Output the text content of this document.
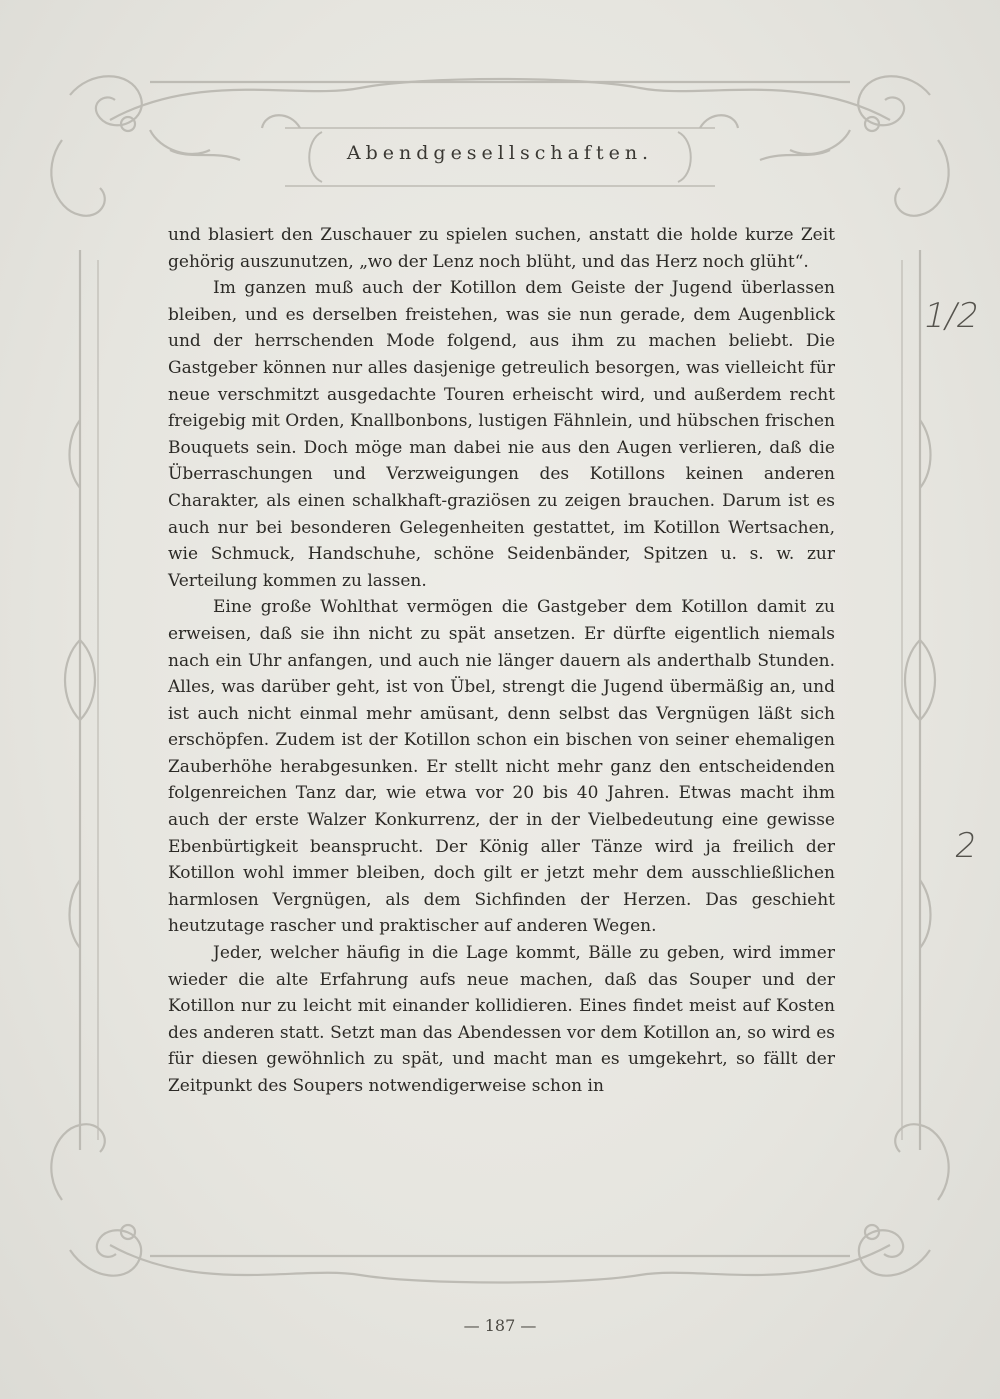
Abendgesellschaften.

und blasiert den Zuschauer zu spielen suchen, anstatt die holde kurze Zeit gehörig auszunutzen, „wo der Lenz noch blüht, und das Herz noch glüht“.

Im ganzen muß auch der Kotillon dem Geiste der Jugend überlassen bleiben, und es derselben freistehen, was sie nun gerade, dem Augenblick und der herrschenden Mode folgend, aus ihm zu machen beliebt. Die Gastgeber können nur alles dasjenige getreulich besorgen, was vielleicht für neue verschmitzt ausgedachte Touren erheischt wird, und außerdem recht freigebig mit Orden, Knallbonbons, lustigen Fähnlein, und hübschen frischen Bouquets sein. Doch möge man dabei nie aus den Augen verlieren, daß die Überraschungen und Verzweigungen des Kotillons keinen anderen Charakter, als einen schalkhaft-graziösen zu zeigen brauchen. Darum ist es auch nur bei besonderen Gelegenheiten gestattet, im Kotillon Wertsachen, wie Schmuck, Handschuhe, schöne Seidenbänder, Spitzen u. s. w. zur Verteilung kommen zu lassen.

Eine große Wohlthat vermögen die Gastgeber dem Kotillon damit zu erweisen, daß sie ihn nicht zu spät ansetzen. Er dürfte eigentlich niemals nach ein Uhr anfangen, und auch nie länger dauern als anderthalb Stunden. Alles, was darüber geht, ist von Übel, strengt die Jugend übermäßig an, und ist auch nicht einmal mehr amüsant, denn selbst das Vergnügen läßt sich erschöpfen. Zudem ist der Kotillon schon ein bischen von seiner ehemaligen Zauberhöhe herabgesunken. Er stellt nicht mehr ganz den entscheidenden folgenreichen Tanz dar, wie etwa vor 20 bis 40 Jahren. Etwas macht ihm auch der erste Walzer Konkurrenz, der in der Vielbedeutung eine gewisse Ebenbürtigkeit beansprucht. Der König aller Tänze wird ja freilich der Kotillon wohl immer bleiben, doch gilt er jetzt mehr dem ausschließlichen harmlosen Vergnügen, als dem Sichfinden der Herzen. Das geschieht heutzutage rascher und praktischer auf anderen Wegen.

Jeder, welcher häufig in die Lage kommt, Bälle zu geben, wird immer wieder die alte Erfahrung aufs neue machen, daß das Souper und der Kotillon nur zu leicht mit einander kollidieren. Eines findet meist auf Kosten des anderen statt. Setzt man das Abendessen vor dem Kotillon an, so wird es für diesen gewöhnlich zu spät, und macht man es umgekehrt, so fällt der Zeitpunkt des Soupers notwendigerweise schon in

1/2
2
— 187 —
